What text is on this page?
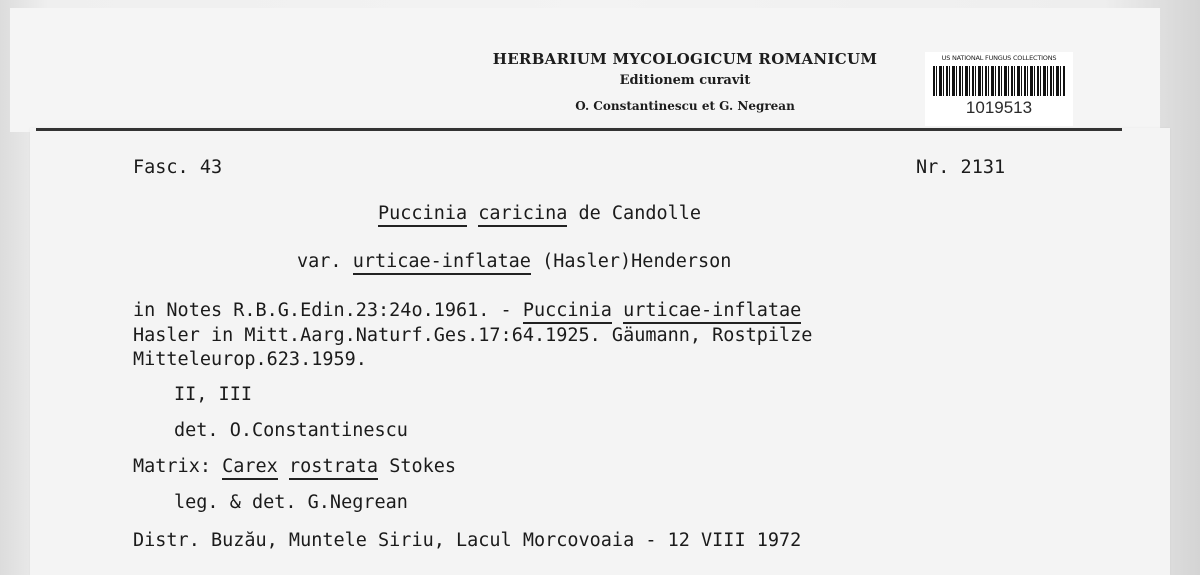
HERBARIUM MYCOLOGICUM ROMANICUM
Editionem curavit
O. Constantinescu et G. Negrean
US NATIONAL FUNGUS COLLECTIONS
1019513
Fasc. 43	Nr. 2131
Puccinia caricina de Candolle
var. urticae-inflatae (Hasler)Henderson
in Notes R.B.G.Edin.23:24o.1961. - Puccinia urticae-inflatae
Hasler in Mitt.Aarg.Naturf.Ges.17:64.1925. Gäumann, Rostpilze
Mitteleurop.623.1959.
II, III
det. O.Constantinescu
Matrix: Carex rostrata Stokes
leg. & det. G.Negrean
Distr. Buzău, Muntele Siriu, Lacul Morcovoaia - 12 VIII 1972
